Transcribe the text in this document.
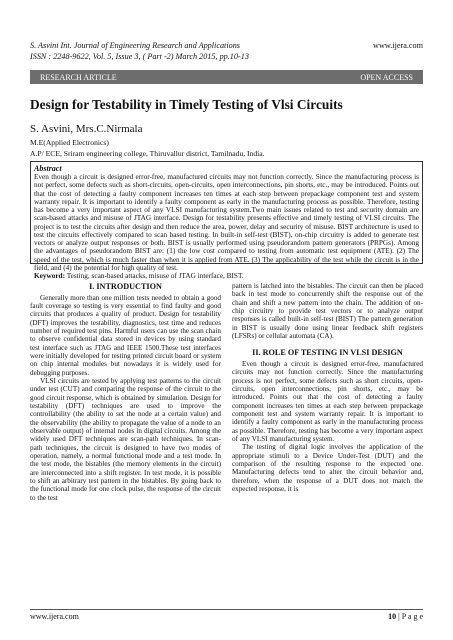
S. Asvini Int. Journal of Engineering Research and Applications
ISSN : 2248-9622, Vol. 5, Issue 3, ( Part -2) March 2015, pp.10-13
www.ijera.com
RESEARCH ARTICLE	OPEN ACCESS
Design for Testability in Timely Testing of Vlsi Circuits
S. Asvini, Mrs.C.Nirmala
M.E(Applied Electronics)
A.P/ ECE, Sriram engineering college, Thiruvallur district, Tamilnadu, India.
Abstract
Even though a circuit is designed error-free, manufactured circuits may not function correctly. Since the manufacturing process is not perfect, some defects such as short-circuits, open-circuits, open interconnections, pin shorts, etc., may be introduced. Points out that the cost of detecting a faulty component increases ten times at each step between prepackage component test and system warranty repair. It is important to identify a faulty component as early in the manufacturing process as possible. Therefore, testing has become a very important aspect of any VLSI manufacturing system.Two main issues related to test and security domain are scan-based attacks and misuse of JTAG interface. Design for testability presents effective and timely testing of VLSI circuits. The project is to test the circuits after design and then reduce the area, power, delay and security of misuse. BIST architecture is used to test the circuits effectively compared to scan based testing. In built-in self-test (BIST), on-chip circuitry is added to generate test vectors or analyze output responses or both. BIST is usually performed using pseudorandom pattern generators (PRPGs). Among the advantages of pseudorandom BIST are: (1) the low cost compared to testing from automatic test equipment (ATE). (2) The speed of the test, which is much faster than when it is applied from ATE. (3) The applicability of the test while the circuit is in the field, and (4) the potential for high quality of test.
Keyword: Testing, scan-based attacks, misuse of JTAG interface, BIST.
I. INTRODUCTION

Generally more than one million tests needed to obtain a good fault coverage so testing is very essential to find faulty and good circuits that produces a quality of product. Design for testability (DFT) improves the testability, diagnostics, test time and reduces number of required test pins. Harmful users can use the scan chain to observe confidential data stored in devices by using standard test interface such as JTAG and IEEE 1500.These test interfaces were initially developed for testing printed circuit board or system on chip internal modules but nowadays it is widely used for debugging purposes.

VLSI circuits are tested by applying test patterns to the circuit under test (CUT) and comparing the response of the circuit to the good circuit response, which is obtained by simulation. Design for testability (DFT) techniques are used to improve the controllability (the ability to set the node at a certain value) and the observability (the ability to propagate the value of a node to an observable output) of internal nodes in digital circuits. Among the widely used DFT techniques are scan-path techniques. In scan-path techniques, the circuit is designed to have two modes of operation, namely, a normal functional mode and a test mode. In the test mode, the bistables (the memory elements in the circuit) are interconnected into a shift register. In test mode, it is possible to shift an arbitrary test pattern in the bistables. By going back to the functional mode for one clock pulse, the response of the circuit to the test

pattern is latched into the bistables. The circuit can then be placed back in test mode to concurrently shift the response out of the chain and shift a new pattern into the chain. The addition of on-chip circuitry to provide test vectors or to analyze output responses is called built-in self-test (BIST) The pattern generation in BIST is usually done using linear feedback shift registers (LFSRs) or cellular automata (CA).

II. ROLE OF TESTING IN VLSI DESIGN

Even though a circuit is designed error-free, manufactured circuits may not function correctly. Since the manufacturing process is not perfect, some defects such as short circuits, open-circuits, open interconnections, pin shorts, etc., may be introduced. Points out that the cost of detecting a faulty component increases ten times at each step between prepackage component test and system warranty repair. It is important to identify a faulty component as early in the manufacturing process as possible. Therefore, testing has become a very important aspect of any VLSI manufacturing system.

The testing of digital logic involves the application of the appropriate stimuli to a Device Under-Test (DUT) and the comparison of the resulting response to the expected one. Manufacturing defects tend to alter the circuit behavior and, therefore, when the response of a DUT does not match the expected response, it is

www.ijera.com	10 | P a g e
